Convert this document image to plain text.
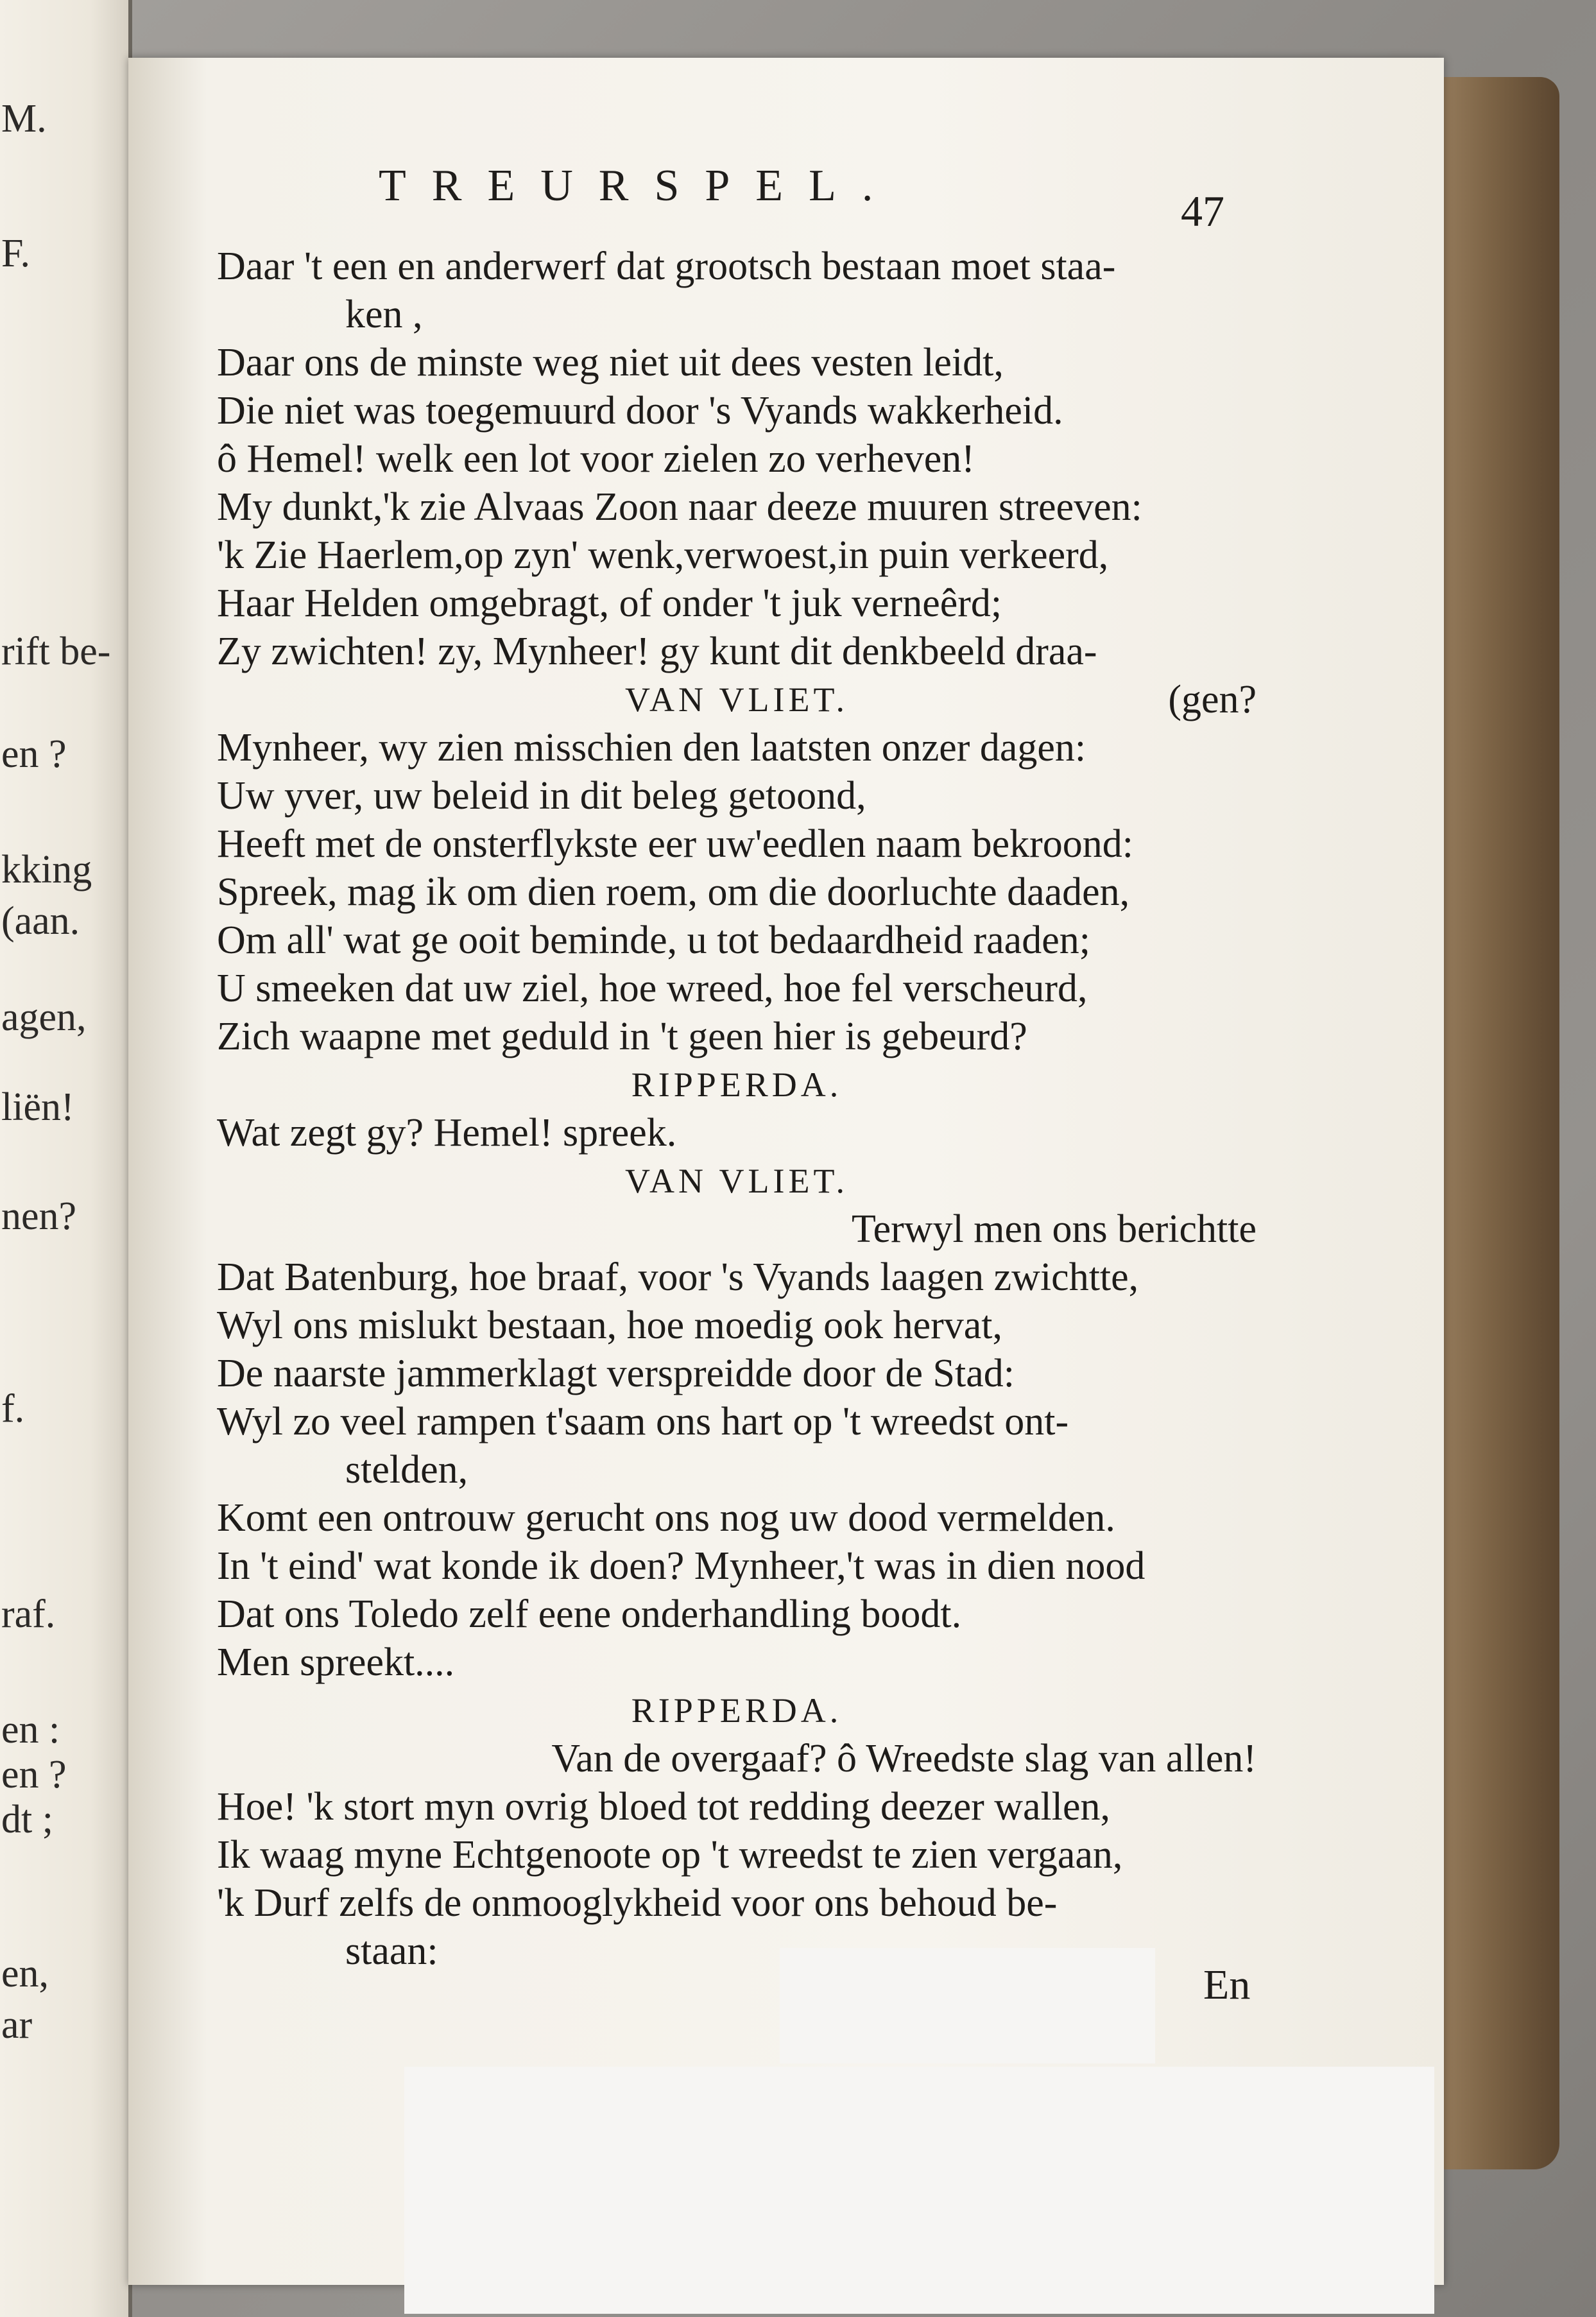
M.
F.
rift be-
en ?
kking
(aan.
agen,
liën!
nen?
f.
raf.
en :
en ?
dt ;
en,
ar
TREURSPEL.
47
Daar 't een en anderwerf dat grootsch bestaan moet staa-
ken ,
Daar ons de minste weg niet uit dees vesten leidt,
Die niet was toegemuurd door 's Vyands wakkerheid.
ô Hemel! welk een lot voor zielen zo verheven!
My dunkt,'k zie Alvaas Zoon naar deeze muuren streeven:
'k Zie Haerlem,op zyn' wenk,verwoest,in puin verkeerd,
Haar Helden omgebragt, of onder 't juk verneêrd;
Zy zwichten! zy, Mynheer! gy kunt dit denkbeeld draa-
VAN VLIET.	(gen?
Mynheer, wy zien misschien den laatsten onzer dagen:
Uw yver, uw beleid in dit beleg getoond,
Heeft met de onsterflykste eer uw'eedlen naam bekroond:
Spreek, mag ik om dien roem, om die doorluchte daaden,
Om all' wat ge ooit beminde, u tot bedaardheid raaden;
U smeeken dat uw ziel, hoe wreed, hoe fel verscheurd,
Zich waapne met geduld in 't geen hier is gebeurd?
RIPPERDA.
Wat zegt gy? Hemel! spreek.
VAN VLIET.
Terwyl men ons berichtte
Dat Batenburg, hoe braaf, voor 's Vyands laagen zwichtte,
Wyl ons mislukt bestaan, hoe moedig ook hervat,
De naarste jammerklagt verspreidde door de Stad:
Wyl zo veel rampen t'saam ons hart op 't wreedst ont-
stelden,
Komt een ontrouw gerucht ons nog uw dood vermelden.
In 't eind' wat konde ik doen? Mynheer,'t was in dien nood
Dat ons Toledo zelf eene onderhandling boodt.
Men spreekt....
RIPPERDA.
Van de overgaaf? ô Wreedste slag van allen!
Hoe! 'k stort myn ovrig bloed tot redding deezer wallen,
Ik waag myne Echtgenoote op 't wreedst te zien vergaan,
'k Durf zelfs de onmooglykheid voor ons behoud be-
staan:
En
